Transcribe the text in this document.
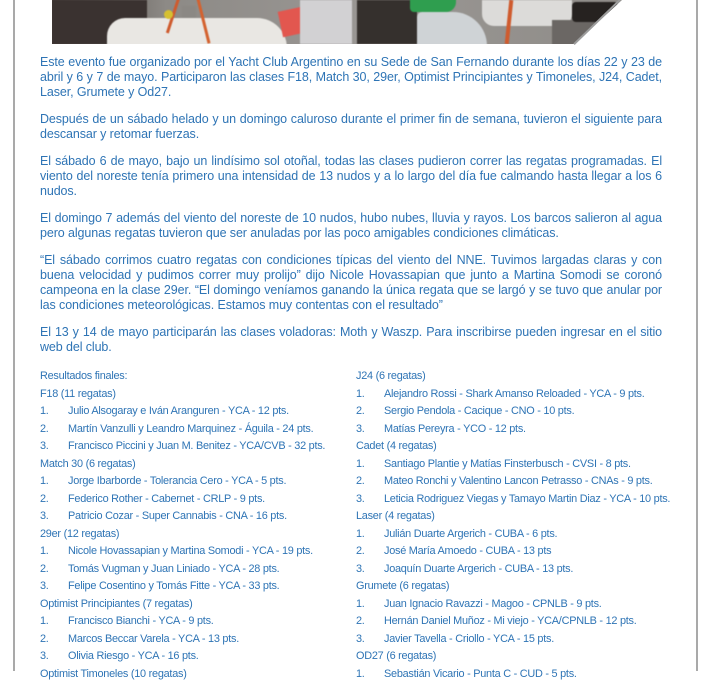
Este evento fue organizado por el Yacht Club Argentino en su Sede de San Fernando durante los días 22 y 23 de abril y 6 y 7 de mayo. Participaron las clases F18, Match 30, 29er, Optimist Principiantes y Timoneles, J24, Cadet, Laser, Grumete y Od27.

Después de un sábado helado y un domingo caluroso durante el primer fin de semana, tuvieron el siguiente para descansar y retomar fuerzas.

El sábado 6 de mayo, bajo un lindísimo sol otoñal, todas las clases pudieron correr las regatas programadas. El viento del noreste tenía primero una intensidad de 13 nudos y a lo largo del día fue calmando hasta llegar a los 6 nudos.

El domingo 7 además del viento del noreste de 10 nudos, hubo nubes, lluvia y rayos. Los barcos salieron al agua pero algunas regatas tuvieron que ser anuladas por las poco amigables condiciones climáticas.

“El sábado corrimos cuatro regatas con condiciones típicas del viento del NNE. Tuvimos largadas claras y con buena velocidad y pudimos correr muy prolijo” dijo Nicole Hovassapian que junto a Martina Somodi se coronó campeona en la clase 29er. “El domingo veníamos ganando la única regata que se largó y se tuvo que anular por las condiciones meteorológicas. Estamos muy contentas con el resultado”

El 13 y 14 de mayo participarán las clases voladoras: Moth y Waszp. Para inscribirse pueden ingresar en el sitio web del club.

Resultados finales:
F18 (11 regatas)
1.	Julio Alsogaray e Iván Aranguren - YCA - 12 pts.
2.	Martín Vanzulli y Leandro Marquinez - Águila - 24 pts.
3.	Francisco Piccini y Juan M. Benitez - YCA/CVB - 32 pts.
Match 30 (6 regatas)
1.	Jorge Ibarborde - Tolerancia Cero - YCA - 5 pts.
2.	Federico Rother - Cabernet - CRLP - 9 pts.
3.	Patricio Cozar - Super Cannabis - CNA - 16 pts.
29er (12 regatas)
1.	Nicole Hovassapian y Martina Somodi - YCA - 19 pts.
2.	Tomás Vugman y Juan Liniado - YCA - 28 pts.
3.	Felipe Cosentino y Tomás Fitte - YCA - 33 pts.
Optimist Principiantes (7 regatas)
1.	Francisco Bianchi - YCA - 9 pts.
2.	Marcos Beccar Varela - YCA - 13 pts.
3.	Olivia Riesgo - YCA - 16 pts.
Optimist Timoneles (10 regatas)
J24 (6 regatas)
1.	Alejandro Rossi - Shark Amanso Reloaded - YCA - 9 pts.
2.	Sergio Pendola - Cacique - CNO - 10 pts.
3.	Matías Pereyra - YCO - 12 pts.
Cadet (4 regatas)
1.	Santiago Plantie y Matías Finsterbusch - CVSI - 8 pts.
2.	Mateo Ronchi y Valentino Lancon Petrasso - CNAs - 9 pts.
3.	Leticia Rodriguez Viegas y Tamayo Martin Diaz - YCA - 10 pts.
Laser (4 regatas)
1.	Julián Duarte Argerich - CUBA - 6 pts.
2.	José María Amoedo - CUBA - 13 pts
3.	Joaquín Duarte Argerich - CUBA - 13 pts.
Grumete (6 regatas)
1.	Juan Ignacio Ravazzi - Magoo - CPNLB - 9 pts.
2.	Hernán Daniel Muñoz - Mi viejo - YCA/CPNLB - 12 pts.
3.	Javier Tavella - Criollo - YCA - 15 pts.
OD27 (6 regatas)
1.	Sebastián Vicario - Punta C - CUD - 5 pts.
